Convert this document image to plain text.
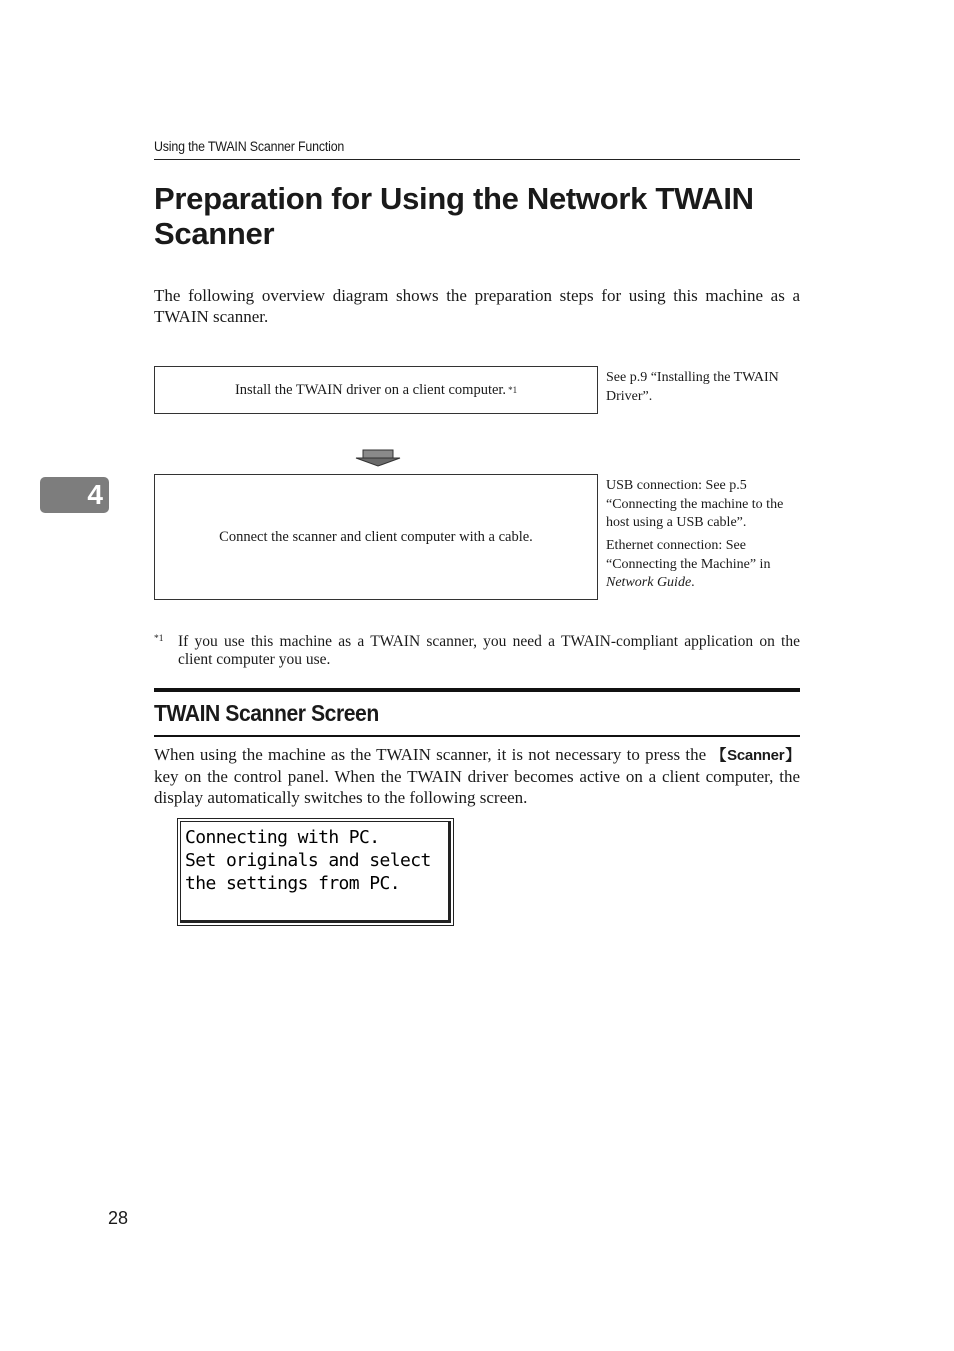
Using the TWAIN Scanner Function
Preparation for Using the Network TWAIN Scanner

The following overview diagram shows the preparation steps for using this machine as a TWAIN scanner.

Install the TWAIN driver on a client computer. *1
See p.9 “Installing the TWAIN Driver”.
4
Connect the scanner and client computer with a cable.
USB connection: See p.5 “Connecting the machine to the host using a USB cable”.
Ethernet connection: See “Connecting the Machine” in Network Guide.
*1 If you use this machine as a TWAIN scanner, you need a TWAIN-compliant application on the client computer you use.
TWAIN Scanner Screen

When using the machine as the TWAIN scanner, it is not necessary to press the 【Scanner】 key on the control panel. When the TWAIN driver becomes active on a client computer, the display automatically switches to the following screen.

Connecting with PC.
Set originals and select
the settings from PC.
28
